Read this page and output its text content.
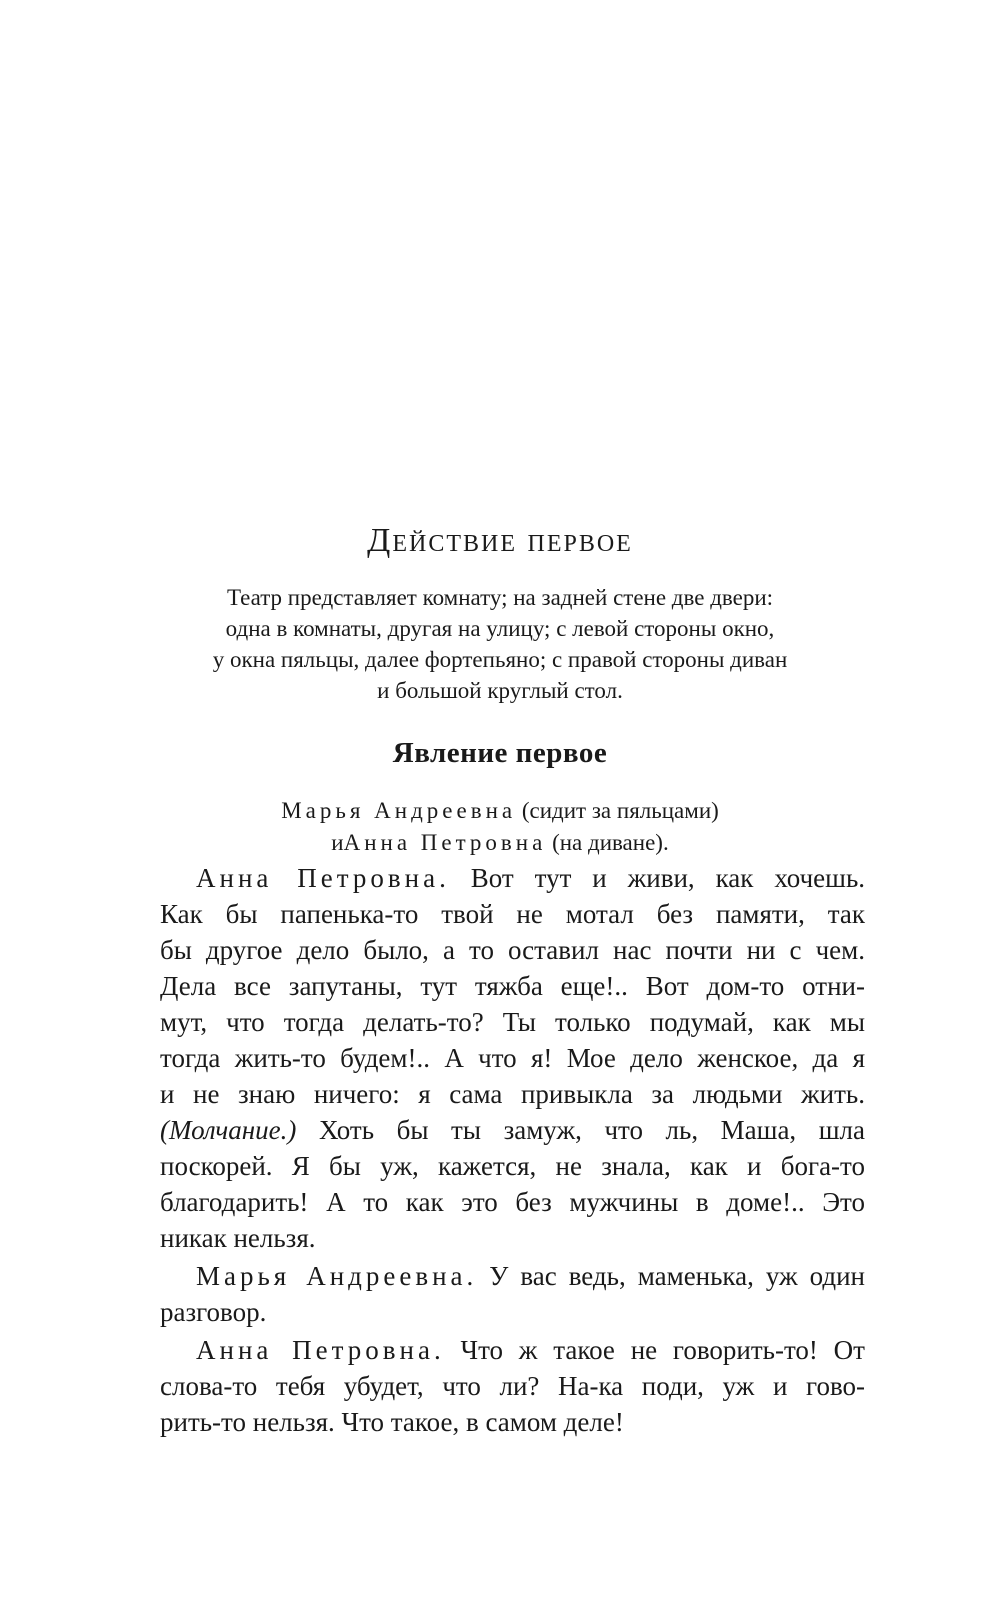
Действие первое
Театр представляет комнату; на задней стене две двери:
одна в комнаты, другая на улицу; с левой стороны окно,
у окна пяльцы, далее фортепьяно; с правой стороны диван
и большой круглый стол.
Явление первое
Марья Андреевна (сидит за пяльцами)
иАнна Петровна (на диване).
Анна Петровна. Вот тут и живи, как хочешь.
Как бы папенька-то твой не мотал без памяти, так
бы другое дело было, а то оставил нас почти ни с чем.
Дела все запутаны, тут тяжба еще!.. Вот дом-то отни-
мут, что тогда делать-то? Ты только подумай, как мы
тогда жить-то будем!.. А что я! Мое дело женское, да я
и не знаю ничего: я сама привыкла за людьми жить.
(Молчание.) Хоть бы ты замуж, что ль, Маша, шла
поскорей. Я бы уж, кажется, не знала, как и бога-то
благодарить! А то как это без мужчины в доме!.. Это
никак нельзя.
Марья Андреевна. У вас ведь, маменька, уж один
разговор.
Анна Петровна. Что ж такое не говорить-то! От
слова-то тебя убудет, что ли? На-ка поди, уж и гово-
рить-то нельзя. Что такое, в самом деле!
